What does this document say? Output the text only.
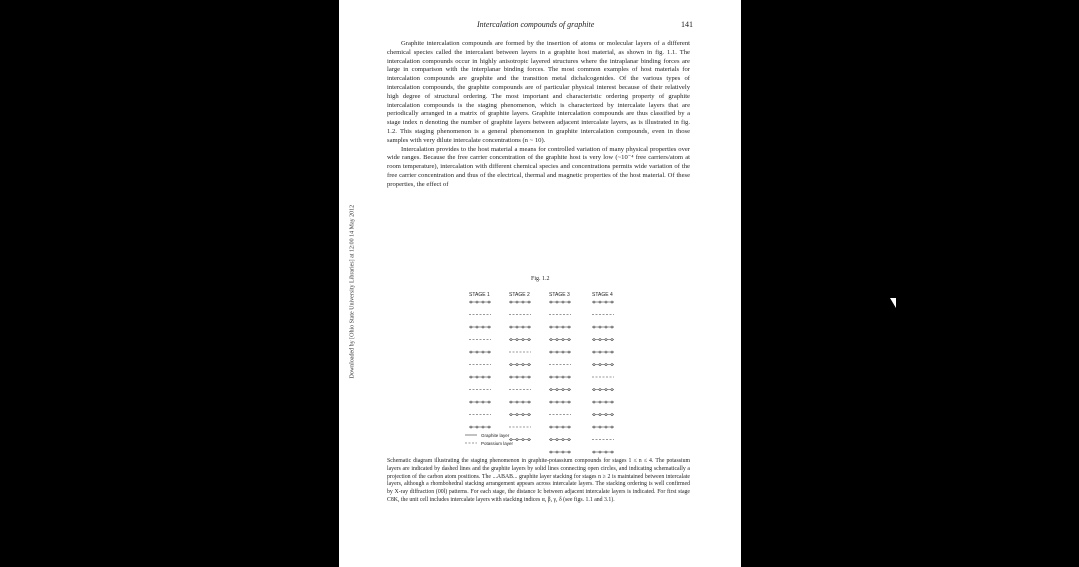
Downloaded by [Ohio State University Libraries] at 12:00 14 May 2012
Intercalation compounds of graphite	141

Graphite intercalation compounds are formed by the insertion of atoms or molecular layers of a different chemical species called the intercalant between layers in a graphite host material, as shown in fig. 1.1. The intercalation compounds occur in highly anisotropic layered structures where the intraplanar binding forces are large in comparison with the interplanar binding forces. The most common examples of host materials for intercalation compounds are graphite and the transition metal dichalcogenides. Of the various types of intercalation compounds, the graphite compounds are of particular physical interest because of their relatively high degree of structural ordering. The most important and characteristic ordering property of graphite intercalation compounds is the staging phenomenon, which is characterized by intercalate layers that are periodically arranged in a matrix of graphite layers. Graphite intercalation compounds are thus classified by a stage index n denoting the number of graphite layers between adjacent intercalate layers, as is illustrated in fig. 1.2. This staging phenomenon is a general phenomenon in graphite intercalation compounds, even in those samples with very dilute intercalate concentrations (n ~ 10).

Intercalation provides to the host material a means for controlled variation of many physical properties over wide ranges. Because the free carrier concentration of the graphite host is very low (~10⁻⁴ free carriers/atom at room temperature), intercalation with different chemical species and concentrations permits wide variation of the free carrier concentration and thus of the electrical, thermal and magnetic properties of the host material. Of these properties, the effect of

Fig. 1.2
STAGE 1	STAGE 2	STAGE 3	STAGE 4
Graphite layer
Potassium layer
Schematic diagram illustrating the staging phenomenon in graphite-potassium compounds for stages 1 ≤ n ≤ 4. The potassium layers are indicated by dashed lines and the graphite layers by solid lines connecting open circles, and indicating schematically a projection of the carbon atom positions. The ...ABAB... graphite layer stacking for stages n ≥ 2 is maintained between intercalate layers, although a rhombohedral stacking arrangement appears across intercalate layers. The stacking ordering is well confirmed by X-ray diffraction (00l) patterns. For each stage, the distance Ic between adjacent intercalate layers is indicated. For first stage C8K, the unit cell includes intercalate layers with stacking indices α, β, γ, δ (see figs. 1.1 and 3.1).
